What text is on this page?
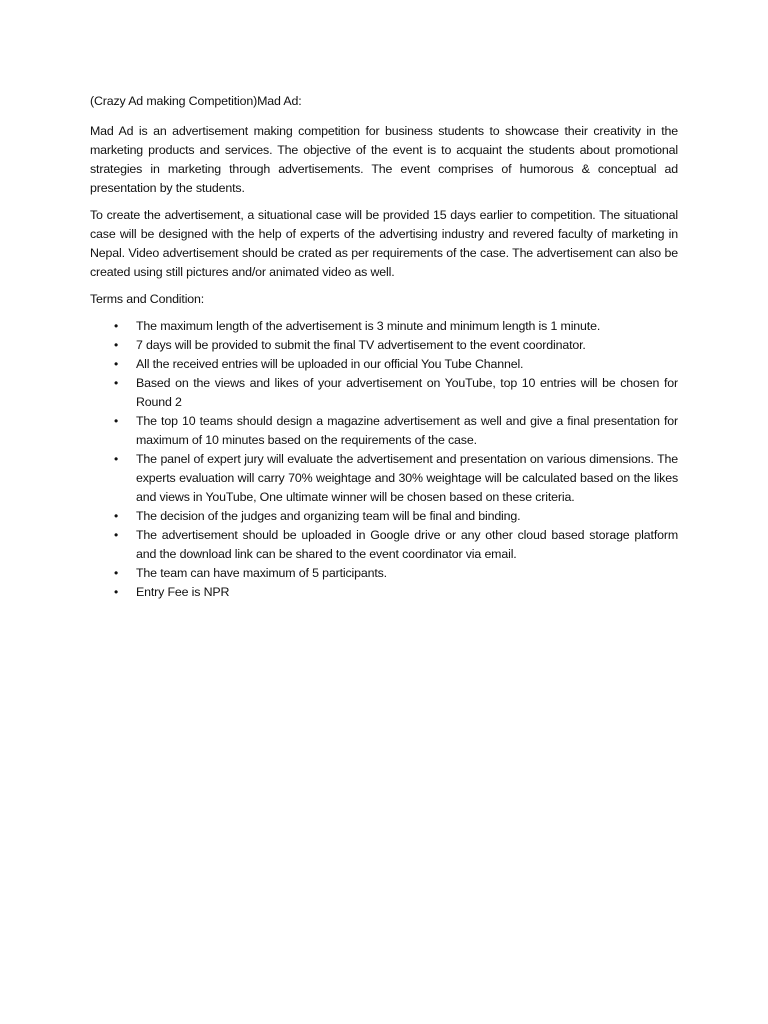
(Crazy Ad making Competition)Mad Ad:

Mad Ad is an advertisement making competition for business students to showcase their creativity in the marketing products and services. The objective of the event is to acquaint the students about promotional strategies in marketing through advertisements. The event comprises of humorous & conceptual ad presentation by the students.

To create the advertisement, a situational case will be provided 15 days earlier to competition. The situational case will be designed with the help of experts of the advertising industry and revered faculty of marketing in Nepal. Video advertisement should be crated as per requirements of the case. The advertisement can also be created using still pictures and/or animated video as well.

Terms and Condition:

• The maximum length of the advertisement is 3 minute and minimum length is 1 minute.
• 7 days will be provided to submit the final TV advertisement to the event coordinator.
• All the received entries will be uploaded in our official You Tube Channel.
• Based on the views and likes of your advertisement on YouTube, top 10 entries will be chosen for Round 2
• The top 10 teams should design a magazine advertisement as well and give a final presentation for maximum of 10 minutes based on the requirements of the case.
• The panel of expert jury will evaluate the advertisement and presentation on various dimensions. The experts evaluation will carry 70% weightage and 30% weightage will be calculated based on the likes and views in YouTube, One ultimate winner will be chosen based on these criteria.
• The decision of the judges and organizing team will be final and binding.
• The advertisement should be uploaded in Google drive or any other cloud based storage platform and the download link can be shared to the event coordinator via email.
• The team can have maximum of 5 participants.
• Entry Fee is NPR
